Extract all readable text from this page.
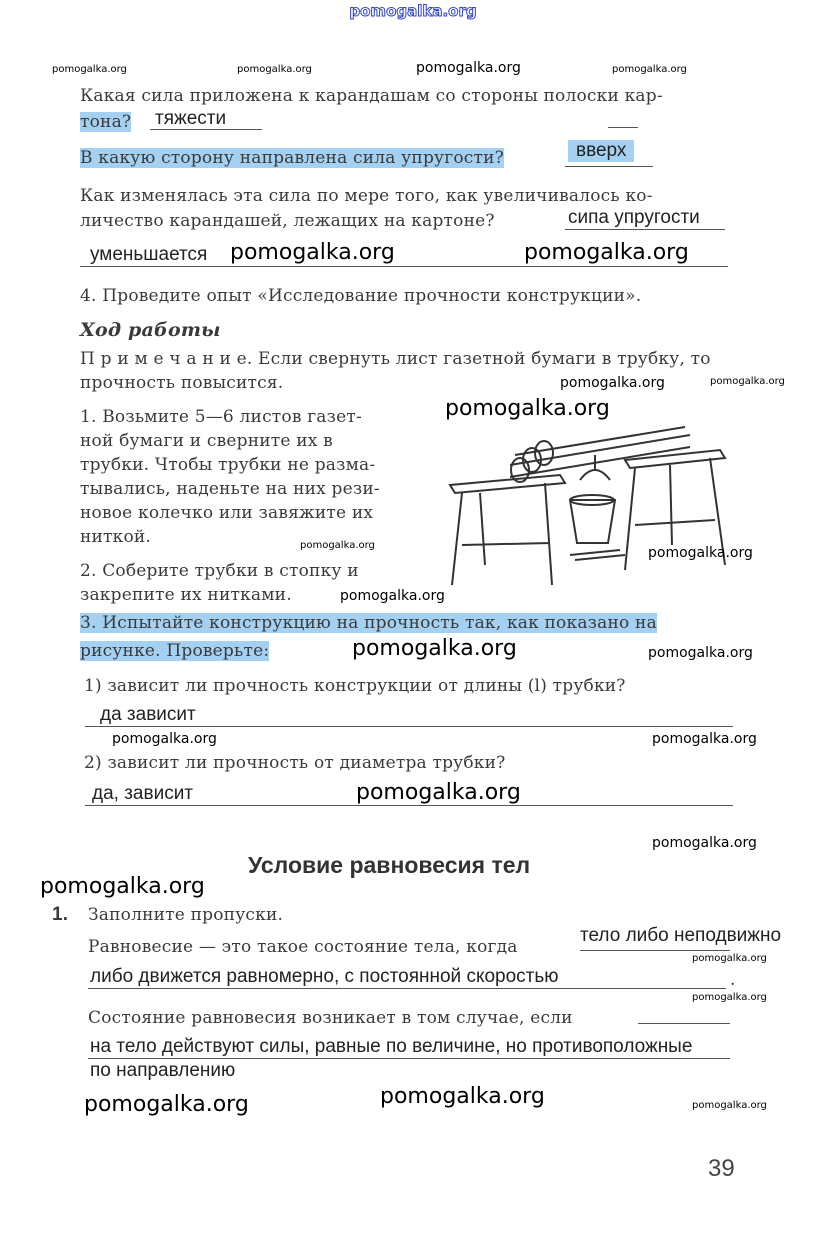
pomogalka.org
Какая сила приложена к карандашам со стороны полоски кар-
тона? тяжести
В какую сторону направлена сила упругости?	вверх
Как изменялась эта сила по мере того, как увеличивалось ко-
личество карандашей, лежащих на картоне?	сипа упругости
уменьшается
4. Проведите опыт «Исследование прочности конструкции».
Ход работы
П р и м е ч а н и е. Если свернуть лист газетной бумаги в трубку, то
прочность повысится.
1. Возьмите 5—6 листов газет-
ной бумаги и сверните их в
трубки. Чтобы трубки не разма-
тывались, наденьте на них рези-
новое колечко или завяжите их
ниткой.
2. Соберите трубки в стопку и
закрепите их нитками.
3. Испытайте конструкцию на прочность так, как показано на
рисунке. Проверьте:
1) зависит ли прочность конструкции от длины (l) трубки?
да зависит
2) зависит ли прочность от диаметра трубки?
да, зависит
Условие равновесия тел
1. Заполните пропуски.
Равновесие — это такое состояние тела, когда
тело либо неподвижно
либо движется равномерно, с постоянной скоростью	.
Состояние равновесия возникает в том случае, если
на тело действуют силы, равные по величине, но противоположные
по направлению
39
pomogalka.org	pomogalka.org	pomogalka.org	pomogalka.org
pomogalka.org	pomogalka.org
pomogalka.org
pomogalka.org
pomogalka.org
pomogalka.org	pomogalka.org
pomogalka.org
pomogalka.org	pomogalka.org
pomogalka.org	pomogalka.org
pomogalka.org
pomogalka.org
pomogalka.org
pomogalka.org
pomogalka.org
pomogalka.org
pomogalka.org	pomogalka.org
